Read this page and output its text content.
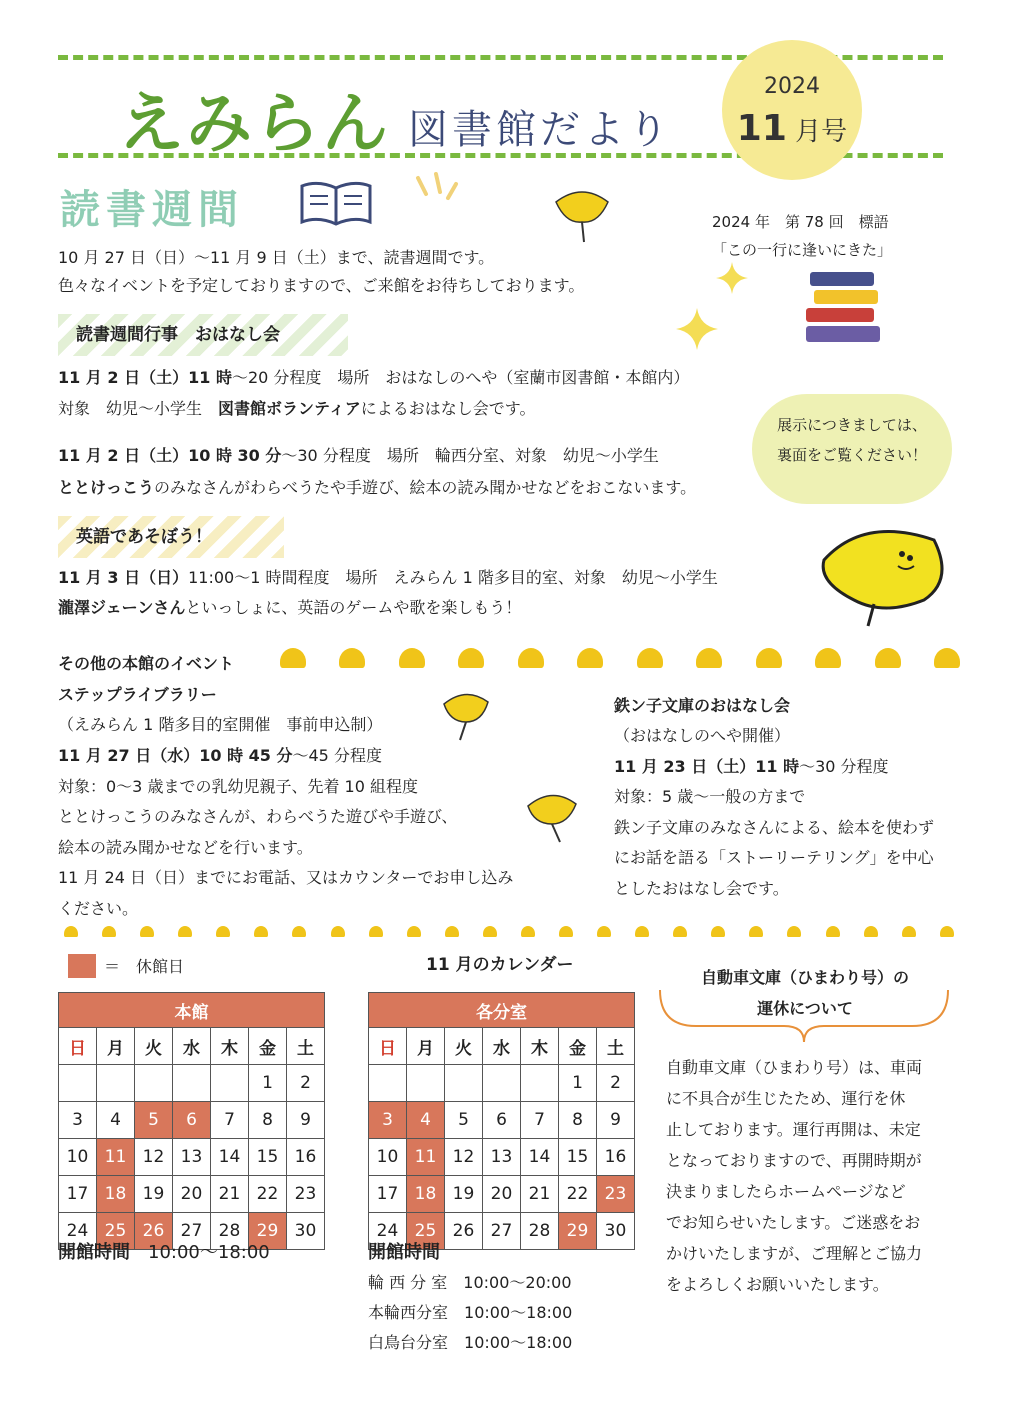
えみらん 図書館だより
2024
11 月号
読書週間
10 月 27 日（日）～11 月 9 日（土）まで、読書週間です。
色々なイベントを予定しておりますので、ご来館をお待ちしております。
2024 年　第 78 回　標語
「この一行に逢いにきた」
読書週間行事　おはなし会
11 月 2 日（土）11 時～20 分程度　場所　おはなしのへや（室蘭市図書館・本館内）
対象　幼児～小学生　図書館ボランティアによるおはなし会です。
11 月 2 日（土）10 時 30 分～30 分程度　場所　輪西分室、対象　幼児～小学生
ととけっこうのみなさんがわらべうたや手遊び、絵本の読み聞かせなどをおこないます。
展示につきましては、
裏面をご覧ください！
英語であそぼう！
11 月 3 日（日）11:00～1 時間程度　場所　えみらん 1 階多目的室、対象　幼児～小学生
瀧澤ジェーンさんといっしょに、英語のゲームや歌を楽しもう！
その他の本館のイベント
ステップライブラリー
（えみらん 1 階多目的室開催　事前申込制）
11 月 27 日（水）10 時 45 分～45 分程度
対象：0～3 歳までの乳幼児親子、先着 10 組程度
ととけっこうのみなさんが、わらべうた遊びや手遊び、
絵本の読み聞かせなどを行います。
11 月 24 日（日）までにお電話、又はカウンターでお申し込み
ください。
鉄ン子文庫のおはなし会
（おはなしのへや開催）
11 月 23 日（土）11 時～30 分程度
対象：5 歳～一般の方まで
鉄ン子文庫のみなさんによる、絵本を使わず
にお話を語る「ストーリーテリング」を中心
としたおはなし会です。
＝　休館日	11 月のカレンダー
本館						
日	月	火	水	木	金	土
					1	2
3	4	5	6	7	8	9
10	11	12	13	14	15	16
17	18	19	20	21	22	23
24	25	26	27	28	29	30
開館時間　 10:00～18:00
各分室						
日	月	火	水	木	金	土
					1	2
3	4	5	6	7	8	9
10	11	12	13	14	15	16
17	18	19	20	21	22	23
24	25	26	27	28	29	30
開館時間
輪 西 分 室　 10:00～20:00
本輪西分室　 10:00～18:00
白鳥台分室　 10:00～18:00
自動車文庫（ひまわり号）の
運休について
自動車文庫（ひまわり号）は、車両
に不具合が生じたため、運行を休
止しております。運行再開は、未定
となっておりますので、再開時期が
決まりましたらホームページなど
でお知らせいたします。ご迷惑をお
かけいたしますが、ご理解とご協力
をよろしくお願いいたします。
